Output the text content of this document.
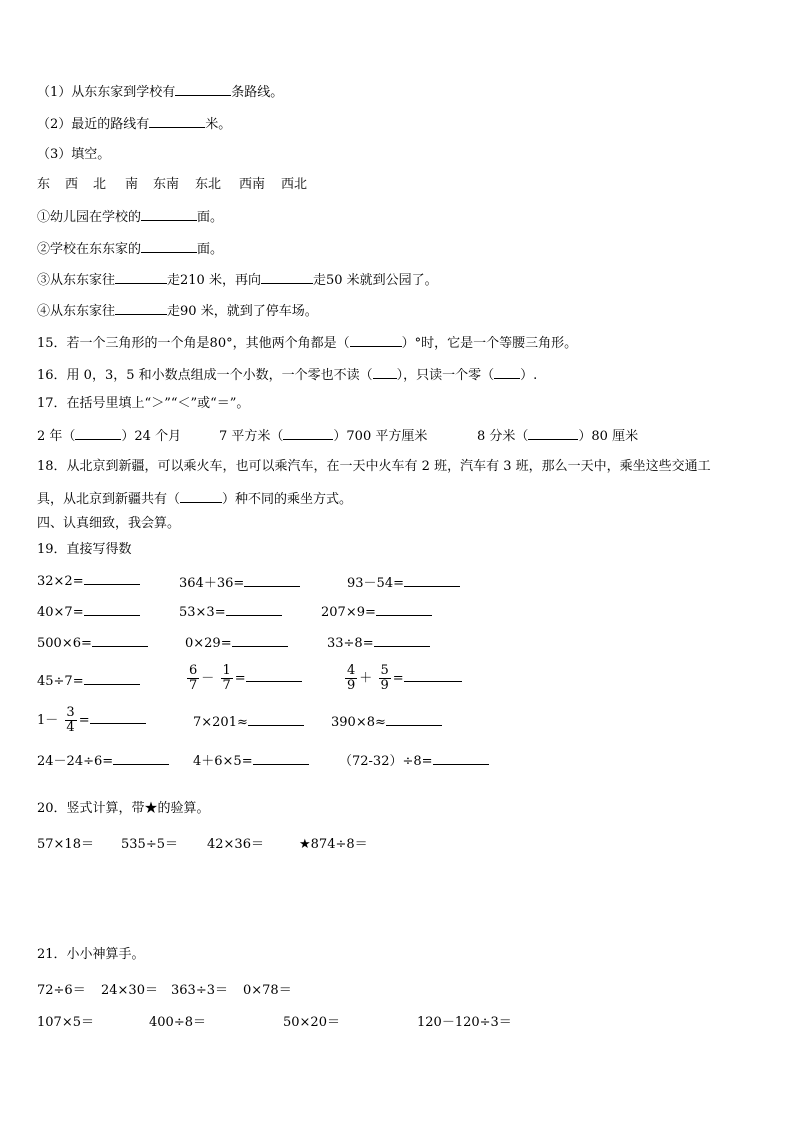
（1）从东东家到学校有	条路线。
（2）最近的路线有	米。
（3）填空。
东 西 北 南 东南 东北 西南 西北
①幼儿园在学校的	面。
②学校在东东家的	面。
③从东东家往	走210 米，再向	走50 米就到公园了。
④从东东家往	走90 米，就到了停车场。
15．若一个三角形的一个角是80°，其他两个角都是（	）°时，它是一个等腰三角形。
16．用 0，3，5 和小数点组成一个小数，一个零也不读（ ），只读一个零（ ）.
17．在括号里填上“＞”“＜”或“＝”。
2 年（	）24 个月	7 平方米（	）700 平方厘米	8 分米（	）80 厘米
18．从北京到新疆，可以乘火车，也可以乘汽车，在一天中火车有 2 班，汽车有 3 班，那么一天中，乘坐这些交通工
具，从北京到新疆共有（	）种不同的乘坐方式。
四、认真细致，我会算。
19．直接写得数
32×2=	364＋36=	93－54=
40×7=	53×3=	207×9=
500×6=	0×29=	33÷8=
45÷7=	$\frac{6}{7} - \frac{1}{7}$ =	$\frac{4}{9} + \frac{5}{9}$ =
$1- \frac{3}{4}$ =	7×201≈	390×8≈
24－24÷6=	4＋6×5=	（72-32）÷8=
20．竖式计算，带★的验算。
57×18＝ 535÷5＝ 42×36＝	★874÷8＝
21．小小神算手。
72÷6＝ 24×30＝ 363÷3＝ 0×78＝
107×5＝	400÷8＝	50×20＝	120－120÷3＝
